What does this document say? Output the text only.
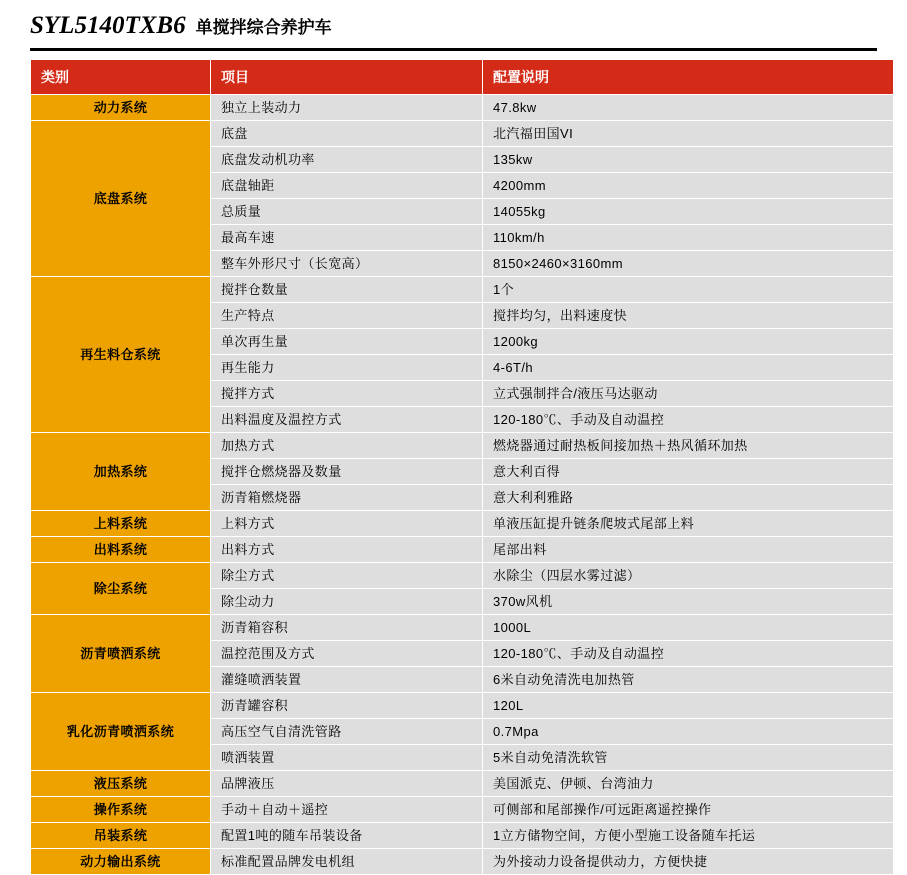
SYL5140TXB6 单搅拌综合养护车
类别	项目	配置说明
动力系统	独立上装动力	47.8kw
底盘系统	底盘	北汽福田国VI
	底盘发动机功率	135kw
	底盘轴距	4200mm
	总质量	14055kg
	最高车速	110km/h
	整车外形尺寸（长宽高）	8150×2460×3160mm
再生料仓系统	搅拌仓数量	1个
	生产特点	搅拌均匀，出料速度快
	单次再生量	1200kg
	再生能力	4-6T/h
	搅拌方式	立式强制拌合/液压马达驱动
	出料温度及温控方式	120-180℃、手动及自动温控
加热系统	加热方式	燃烧器通过耐热板间接加热＋热风循环加热
	搅拌仓燃烧器及数量	意大利百得
	沥青箱燃烧器	意大利利雅路
上料系统	上料方式	单液压缸提升链条爬坡式尾部上料
出料系统	出料方式	尾部出料
除尘系统	除尘方式	水除尘（四层水雾过滤）
	除尘动力	370w风机
沥青喷洒系统	沥青箱容积	1000L
	温控范围及方式	120-180℃、手动及自动温控
	灌缝喷洒装置	6米自动免清洗电加热管
乳化沥青喷洒系统	沥青罐容积	120L
	高压空气自清洗管路	0.7Mpa
	喷洒装置	5米自动免清洗软管
液压系统	品牌液压	美国派克、伊顿、台湾油力
操作系统	手动＋自动＋遥控	可侧部和尾部操作/可远距离遥控操作
吊装系统	配置1吨的随车吊装设备	1立方储物空间，方便小型施工设备随车托运
动力输出系统	标准配置品牌发电机组	为外接动力设备提供动力，方便快捷
